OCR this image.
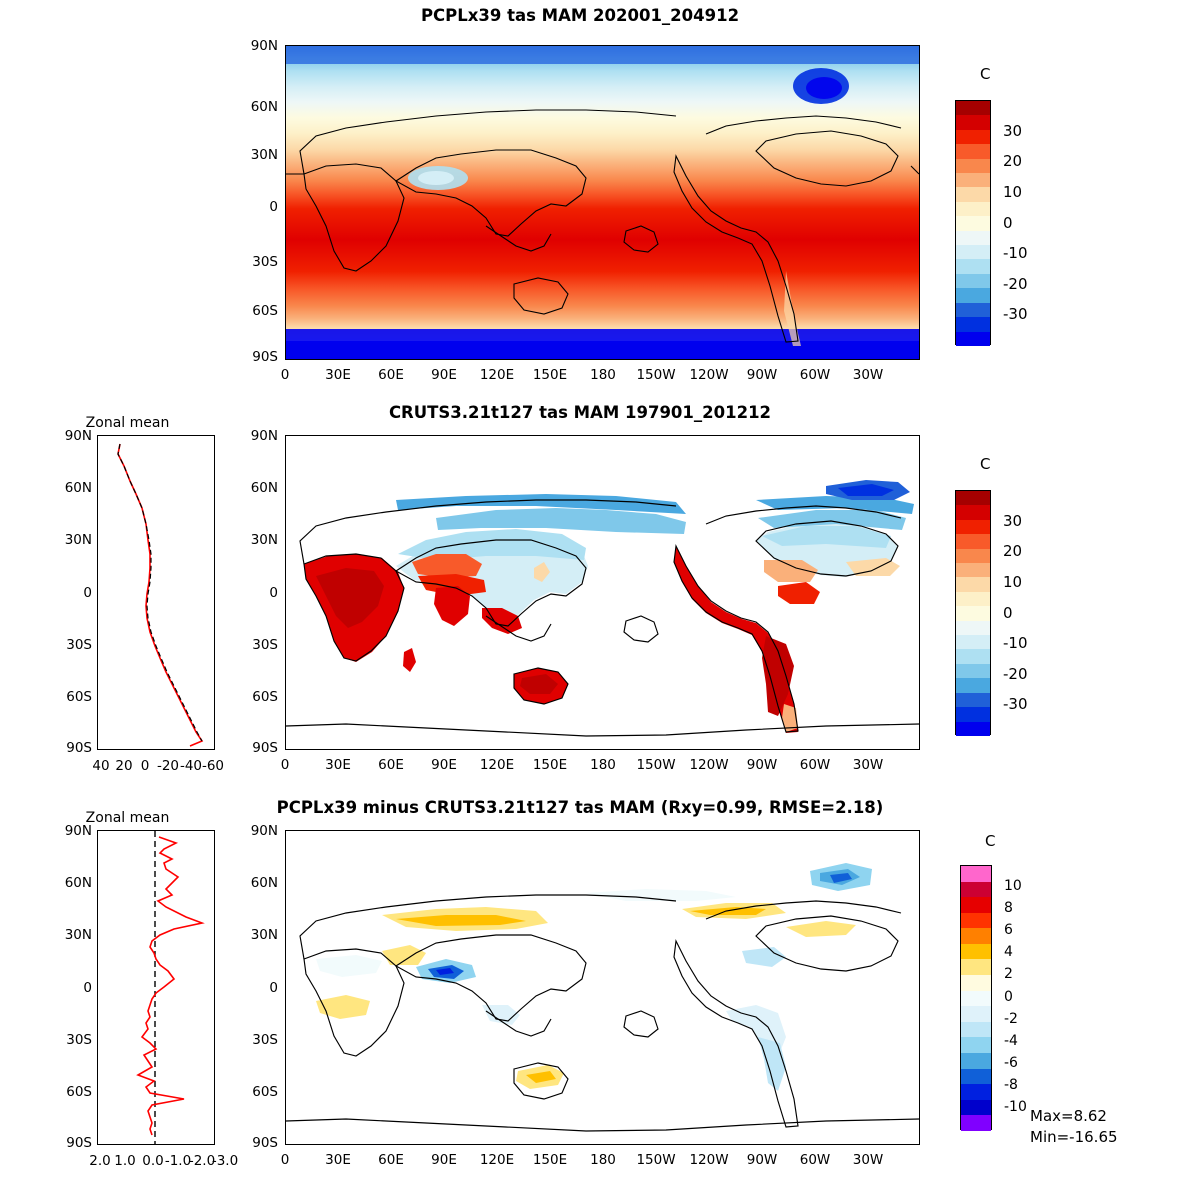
PCPLx39 tas MAM 202001_204912
90N
60N
30N
0
30S
60S
90S
0	30E 60E 90E 120E 150E 180 150W 120W 90W 60W 30W
C
30
20
10
0
-10
-20
-30
CRUTS3.21t127 tas MAM 197901_201212
Zonal mean
90N
60N
30N
0
30S
60S
90S
40 20 0 -20 -40 -60
90N
60N
30N
0
30S
60S
90S
0	30E 60E 90E 120E 150E 180 150W 120W 90W 60W 30W
C
30
20
10
0
-10
-20
-30
PCPLx39 minus CRUTS3.21t127 tas MAM (Rxy=0.99, RMSE=2.18)
Zonal mean
90N
60N
30N
0
30S
60S
90S
2.0 1.0 0.0 -1.0
-2.0
-3.0
90N
60N
30N
0
30S
60S
90S
0	30E 60E 90E 120E 150E 180 150W 120W 90W 60W 30W
C
10
8
6
4
2
0
-2
-4
-6
-8
-10
Max=8.62
Min=-16.65
